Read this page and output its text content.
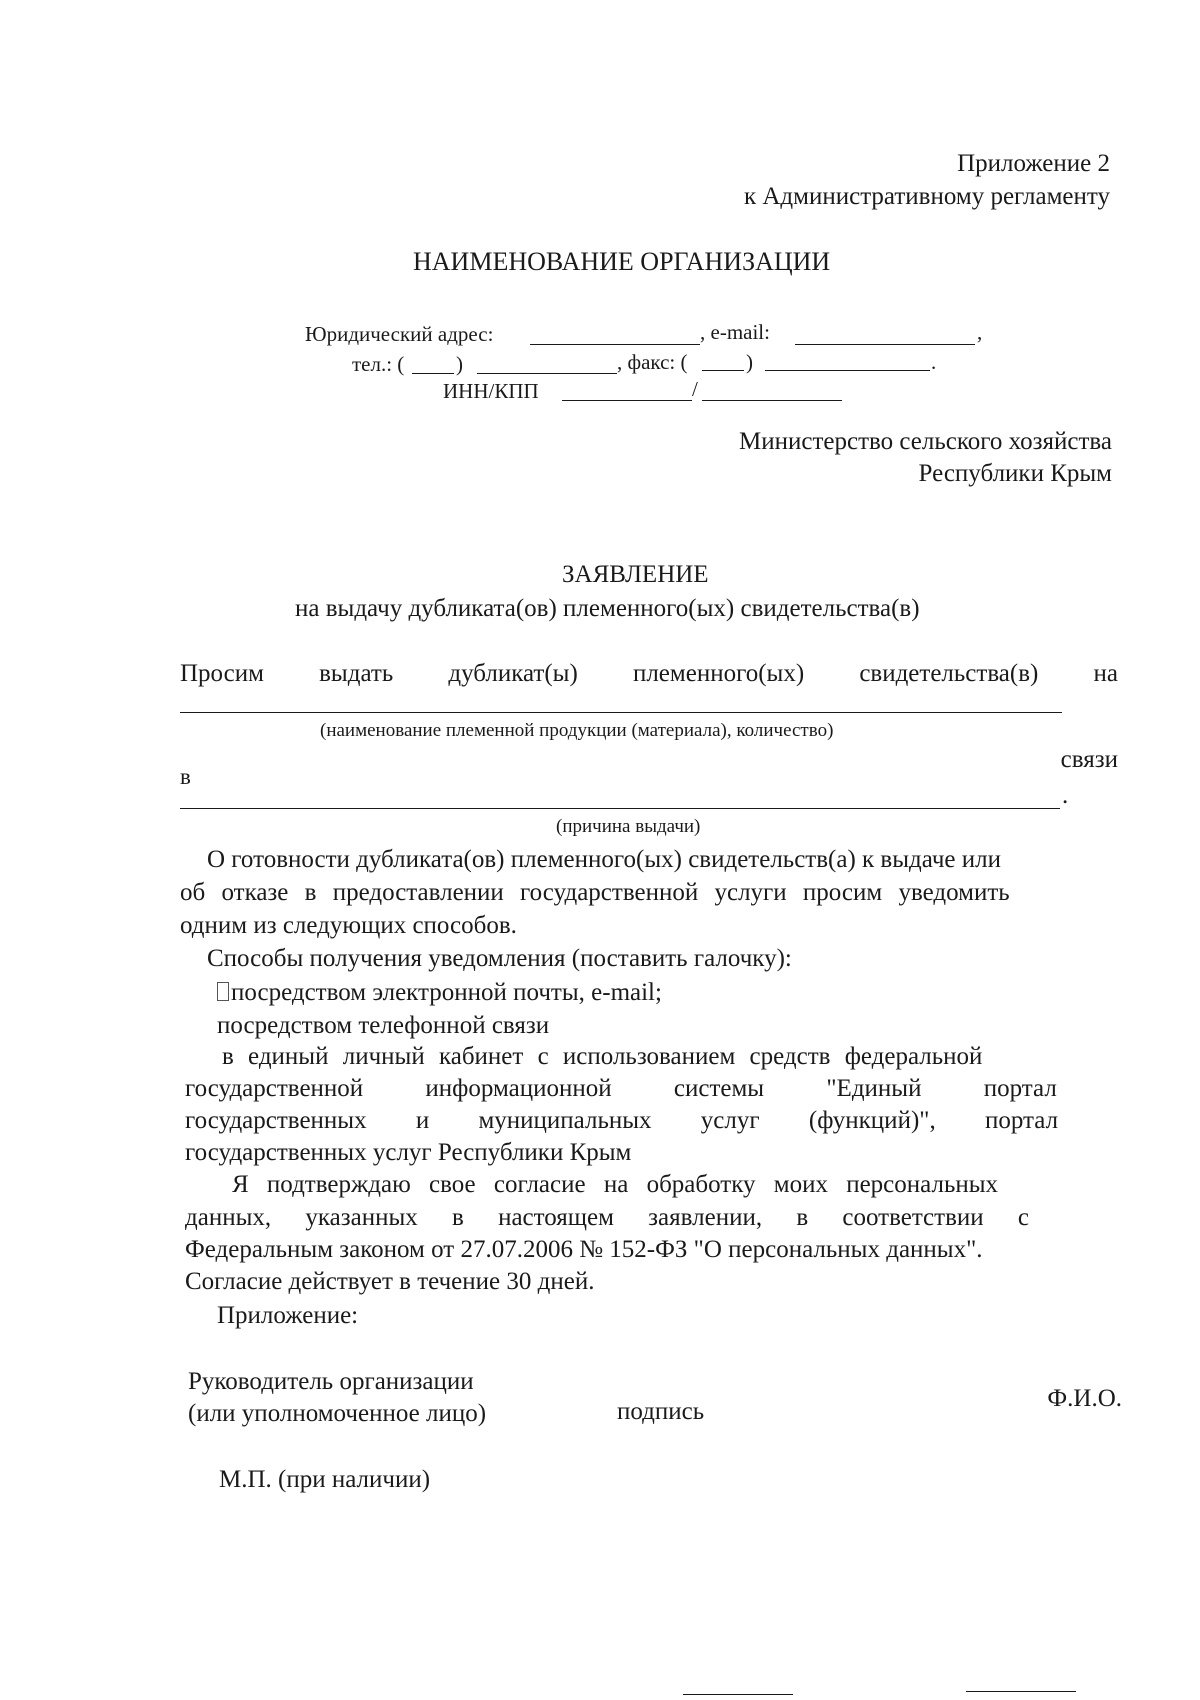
Приложение 2
к Административному регламенту
НАИМЕНОВАНИЕ ОРГАНИЗАЦИИ
Юридический адрес:	, e-mail:	,
тел.: ( )	, факс: (	)	.
ИНН/КПП	/
Министерство сельского хозяйства
Республики Крым
ЗАЯВЛЕНИЕ
на выдачу дубликата(ов) племенного(ых) свидетельства(в)
Просим выдать дубликат(ы) племенного(ых) свидетельства(в) на
(наименование племенной продукции (материала), количество)
в
связи
.
(причина выдачи)
О готовности дубликата(ов) племенного(ых) свидетельств(а) к выдаче или
об отказе в предоставлении государственной услуги просим уведомить
одним из следующих способов.
Способы получения уведомления (поставить галочку):
посредством электронной почты, e-mail;
посредством телефонной связи
в единый личный кабинет с использованием средств федеральной
государственной информационной системы "Единый портал
государственных и муниципальных услуг (функций)", портал
государственных услуг Республики Крым
Я подтверждаю свое согласие на обработку моих персональных
данных, указанных в настоящем заявлении, в соответствии с
Федеральным законом от 27.07.2006 № 152-ФЗ "О персональных данных".
Согласие действует в течение 30 дней.
Приложение:
Руководитель организации
(или уполномоченное лицо)	подпись	Ф.И.О.
М.П. (при наличии)
